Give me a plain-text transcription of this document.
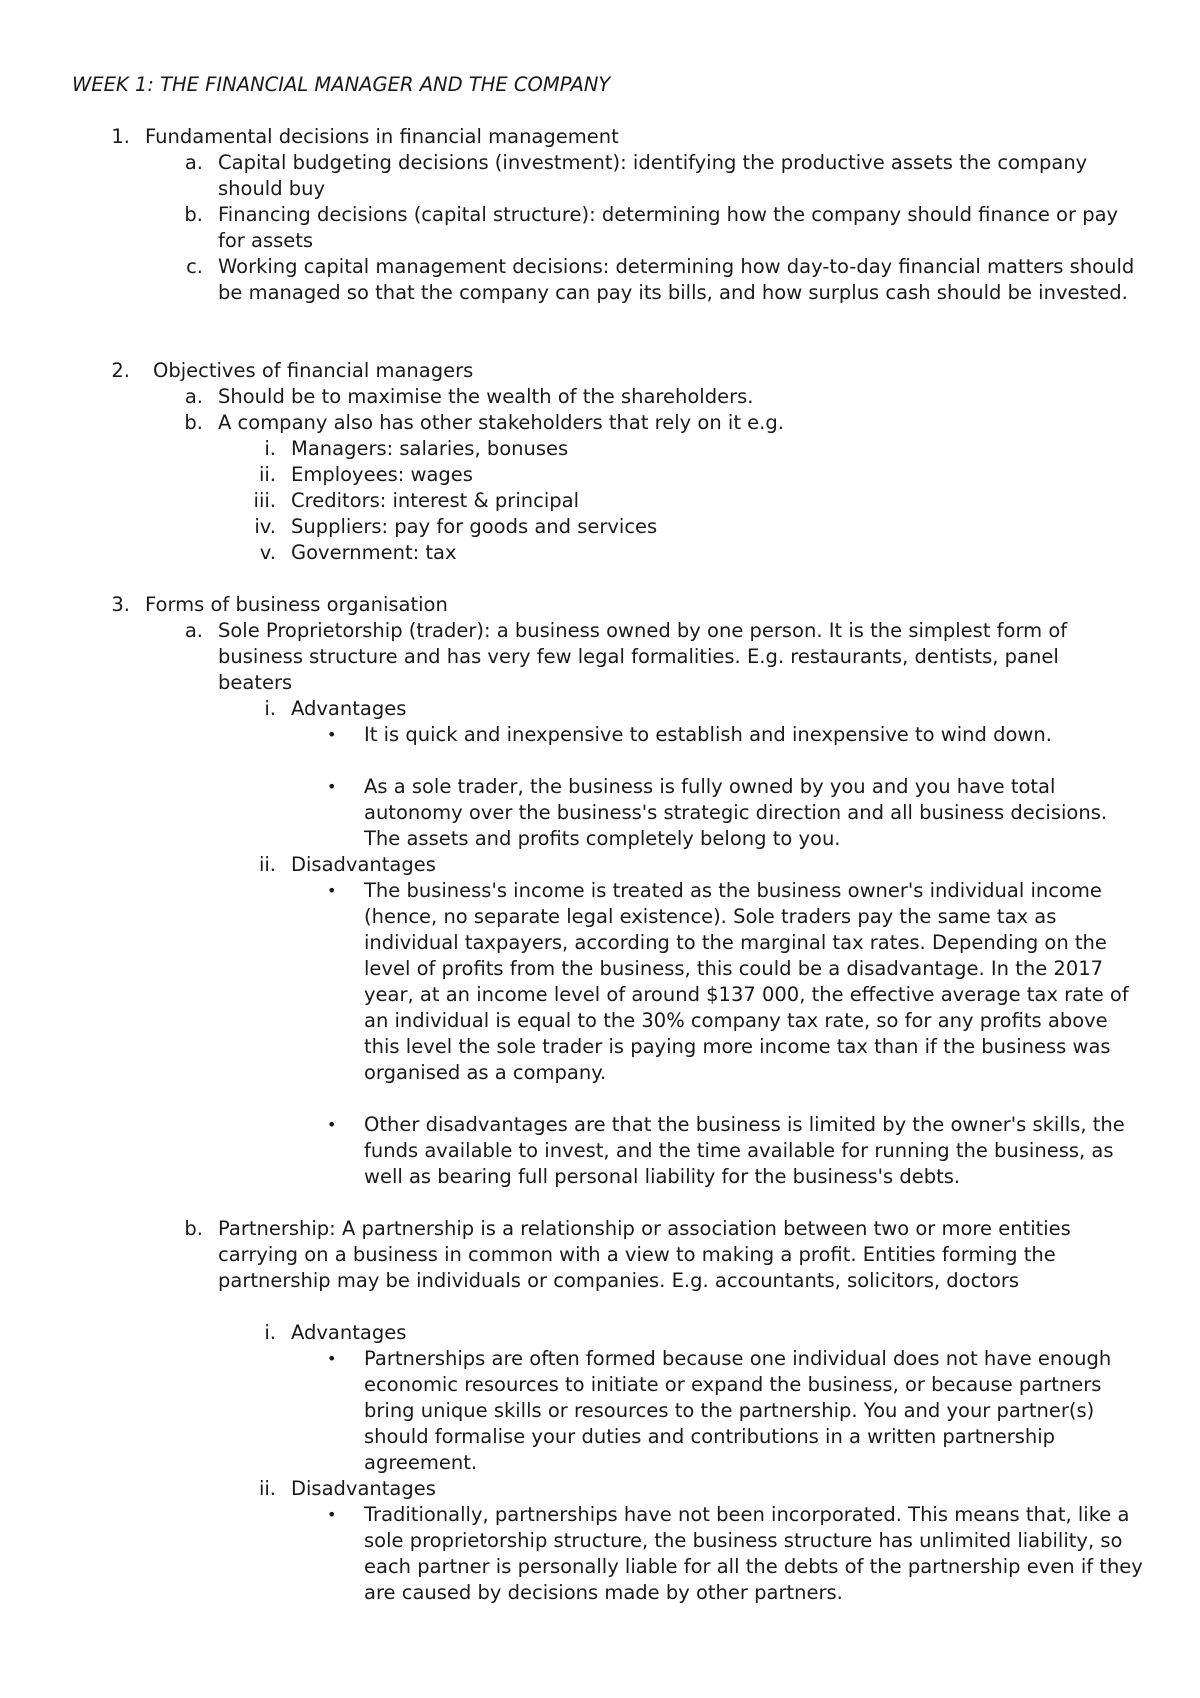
WEEK 1: THE FINANCIAL MANAGER AND THE COMPANY
1. Fundamental decisions in financial management
a. Capital budgeting decisions (investment): identifying the productive assets the company should buy
b. Financing decisions (capital structure): determining how the company should finance or pay for assets
c. Working capital management decisions: determining how day-to-day financial matters should be managed so that the company can pay its bills, and how surplus cash should be invested.
2. Objectives of financial managers
a. Should be to maximise the wealth of the shareholders.
b. A company also has other stakeholders that rely on it e.g.
i. Managers: salaries, bonuses
ii. Employees: wages
iii. Creditors: interest & principal
iv. Suppliers: pay for goods and services
v. Government: tax
3. Forms of business organisation
a. Sole Proprietorship (trader): a business owned by one person. It is the simplest form of business structure and has very few legal formalities. E.g. restaurants, dentists, panel beaters
i. Advantages
• It is quick and inexpensive to establish and inexpensive to wind down.
• As a sole trader, the business is fully owned by you and you have total autonomy over the business's strategic direction and all business decisions. The assets and profits completely belong to you.
ii. Disadvantages
• The business's income is treated as the business owner's individual income (hence, no separate legal existence). Sole traders pay the same tax as individual taxpayers, according to the marginal tax rates. Depending on the level of profits from the business, this could be a disadvantage. In the 2017 year, at an income level of around $137 000, the effective average tax rate of an individual is equal to the 30% company tax rate, so for any profits above this level the sole trader is paying more income tax than if the business was organised as a company.
• Other disadvantages are that the business is limited by the owner's skills, the funds available to invest, and the time available for running the business, as well as bearing full personal liability for the business's debts.
b. Partnership: A partnership is a relationship or association between two or more entities carrying on a business in common with a view to making a profit. Entities forming the partnership may be individuals or companies. E.g. accountants, solicitors, doctors
i. Advantages
• Partnerships are often formed because one individual does not have enough economic resources to initiate or expand the business, or because partners bring unique skills or resources to the partnership. You and your partner(s) should formalise your duties and contributions in a written partnership agreement.
ii. Disadvantages
• Traditionally, partnerships have not been incorporated. This means that, like a sole proprietorship structure, the business structure has unlimited liability, so each partner is personally liable for all the debts of the partnership even if they are caused by decisions made by other partners.
